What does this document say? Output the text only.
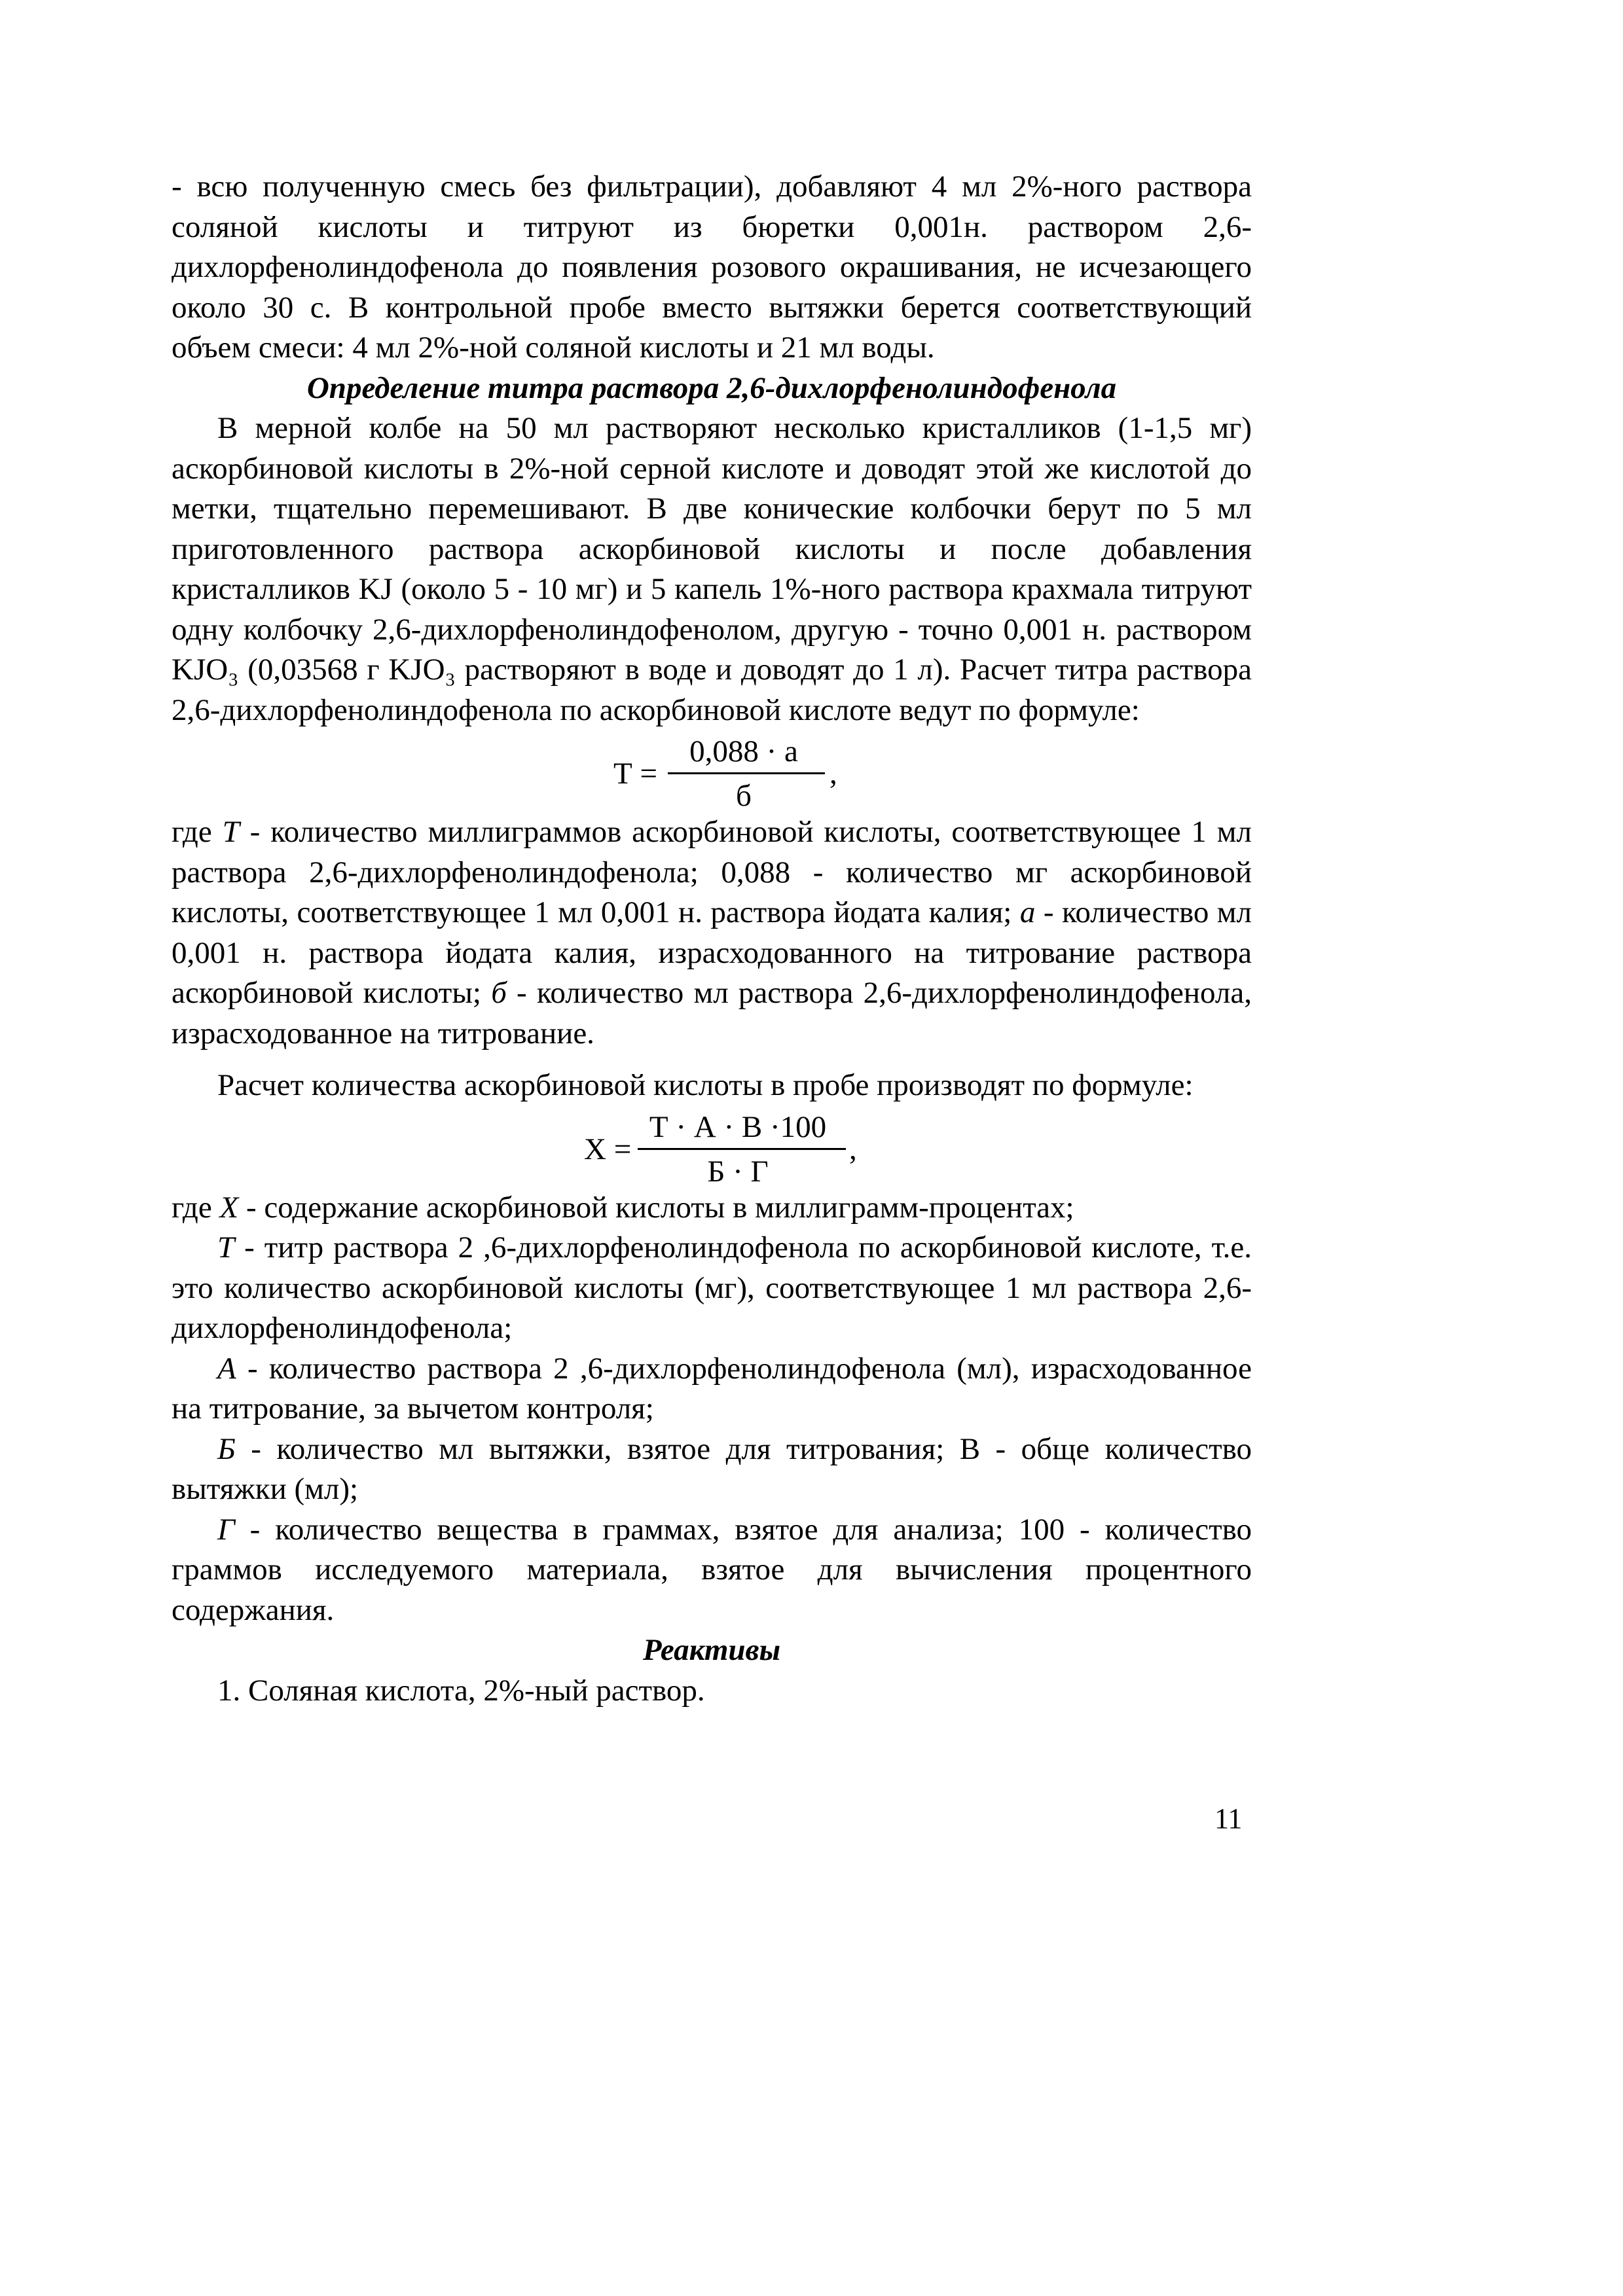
- всю полученную смесь без фильтрации), добавляют 4 мл 2%-ного раствора соляной кислоты и титруют из бюретки 0,001н. раствором 2,6-дихлорфенолиндофенола до появления розового окрашивания, не исчезающего около 30 с. В контрольной пробе вместо вытяжки берется соответствующий объем смеси: 4 мл 2%-ной соляной кислоты и 21 мл воды.

Определение титра раствора 2,6-дихлорфенолиндофенола

В мерной колбе на 50 мл растворяют несколько кристалликов (1-1,5 мг) аскорбиновой кислоты в 2%-ной серной кислоте и доводят этой же кислотой до метки, тщательно перемешивают. В две конические колбочки берут по 5 мл приготовленного раствора аскорбиновой кислоты и после добавления кристалликов KJ (около 5 - 10 мг) и 5 капель 1%-ного раствора крахмала титруют одну колбочку 2,6-дихлорфенолиндофенолом, другую - точно 0,001 н. раствором KJO₃ (0,03568 г KJO₃ растворяют в воде и доводят до 1 л). Расчет титра раствора 2,6-дихлорфенолиндофенола по аскорбиновой кислоте ведут по формуле:

Т =
0,088 · а
б
,

где Т - количество миллиграммов аскорбиновой кислоты, соответствующее 1 мл раствора 2,6-дихлорфенолиндофенола; 0,088 - количество мг аскорбиновой кислоты, соответствующее 1 мл 0,001 н. раствора йодата калия; а - количество мл 0,001 н. раствора йодата калия, израсходованного на титрование раствора аскорбиновой кислоты; б - количество мл раствора 2,6-дихлорфенолиндофенола, израсходованное на титрование.

Расчет количества аскорбиновой кислоты в пробе производят по формуле:

Х =
Т · А · В ·100
Б · Г
,

где Х - содержание аскорбиновой кислоты в миллиграмм-процентах;

Т - титр раствора 2 ,6-дихлорфенолиндофенола по аскорбиновой кислоте, т.е. это количество аскорбиновой кислоты (мг), соответствующее 1 мл раствора 2,6-дихлорфенолиндофенола;

А - количество раствора 2 ,6-дихлорфенолиндофенола (мл), израсходованное на титрование, за вычетом контроля;

Б - количество мл вытяжки, взятое для титрования; В - обще количество вытяжки (мл);

Г - количество вещества в граммах, взятое для анализа; 100 - количество граммов исследуемого материала, взятое для вычисления процентного содержания.

Реактивы

1. Соляная кислота, 2%-ный раствор.

11
